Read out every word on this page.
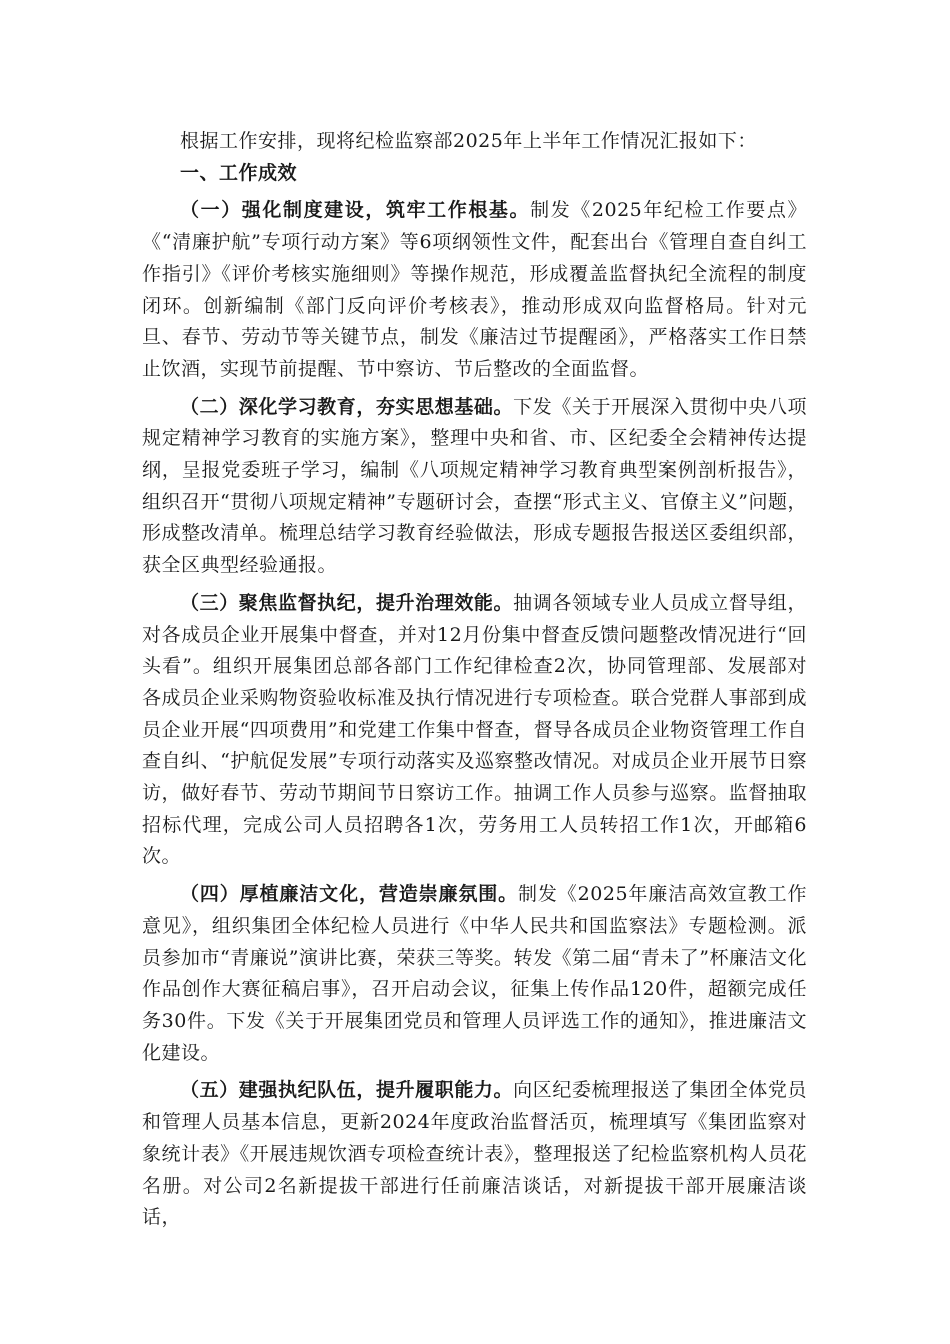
根据工作安排，现将纪检监察部2025年上半年工作情况汇报如下：

一、工作成效

（一）强化制度建设，筑牢工作根基。制发《2025年纪检工作要点》《“清廉护航”专项行动方案》等6项纲领性文件，配套出台《管理自查自纠工作指引》《评价考核实施细则》等操作规范，形成覆盖监督执纪全流程的制度闭环。创新编制《部门反向评价考核表》，推动形成双向监督格局。针对元旦、春节、劳动节等关键节点，制发《廉洁过节提醒函》，严格落实工作日禁止饮酒，实现节前提醒、节中察访、节后整改的全面监督。

（二）深化学习教育，夯实思想基础。下发《关于开展深入贯彻中央八项规定精神学习教育的实施方案》，整理中央和省、市、区纪委全会精神传达提纲，呈报党委班子学习，编制《八项规定精神学习教育典型案例剖析报告》，组织召开“贯彻八项规定精神”专题研讨会，查摆“形式主义、官僚主义”问题，形成整改清单。梳理总结学习教育经验做法，形成专题报告报送区委组织部，获全区典型经验通报。

（三）聚焦监督执纪，提升治理效能。抽调各领域专业人员成立督导组，对各成员企业开展集中督查，并对12月份集中督查反馈问题整改情况进行“回头看”。组织开展集团总部各部门工作纪律检查2次，协同管理部、发展部对各成员企业采购物资验收标准及执行情况进行专项检查。联合党群人事部到成员企业开展“四项费用”和党建工作集中督查，督导各成员企业物资管理工作自查自纠、“护航促发展”专项行动落实及巡察整改情况。对成员企业开展节日察访，做好春节、劳动节期间节日察访工作。抽调工作人员参与巡察。监督抽取招标代理，完成公司人员招聘各1次，劳务用工人员转招工作1次，开邮箱6次。

（四）厚植廉洁文化，营造崇廉氛围。制发《2025年廉洁高效宣教工作意见》，组织集团全体纪检人员进行《中华人民共和国监察法》专题检测。派员参加市“青廉说”演讲比赛，荣获三等奖。转发《第二届“青未了”杯廉洁文化作品创作大赛征稿启事》，召开启动会议，征集上传作品120件，超额完成任务30件。下发《关于开展集团党员和管理人员评选工作的通知》，推进廉洁文化建设。

（五）建强执纪队伍，提升履职能力。向区纪委梳理报送了集团全体党员和管理人员基本信息，更新2024年度政治监督活页，梳理填写《集团监察对象统计表》《开展违规饮酒专项检查统计表》，整理报送了纪检监察机构人员花名册。对公司2名新提拔干部进行任前廉洁谈话，对新提拔干部开展廉洁谈话，
